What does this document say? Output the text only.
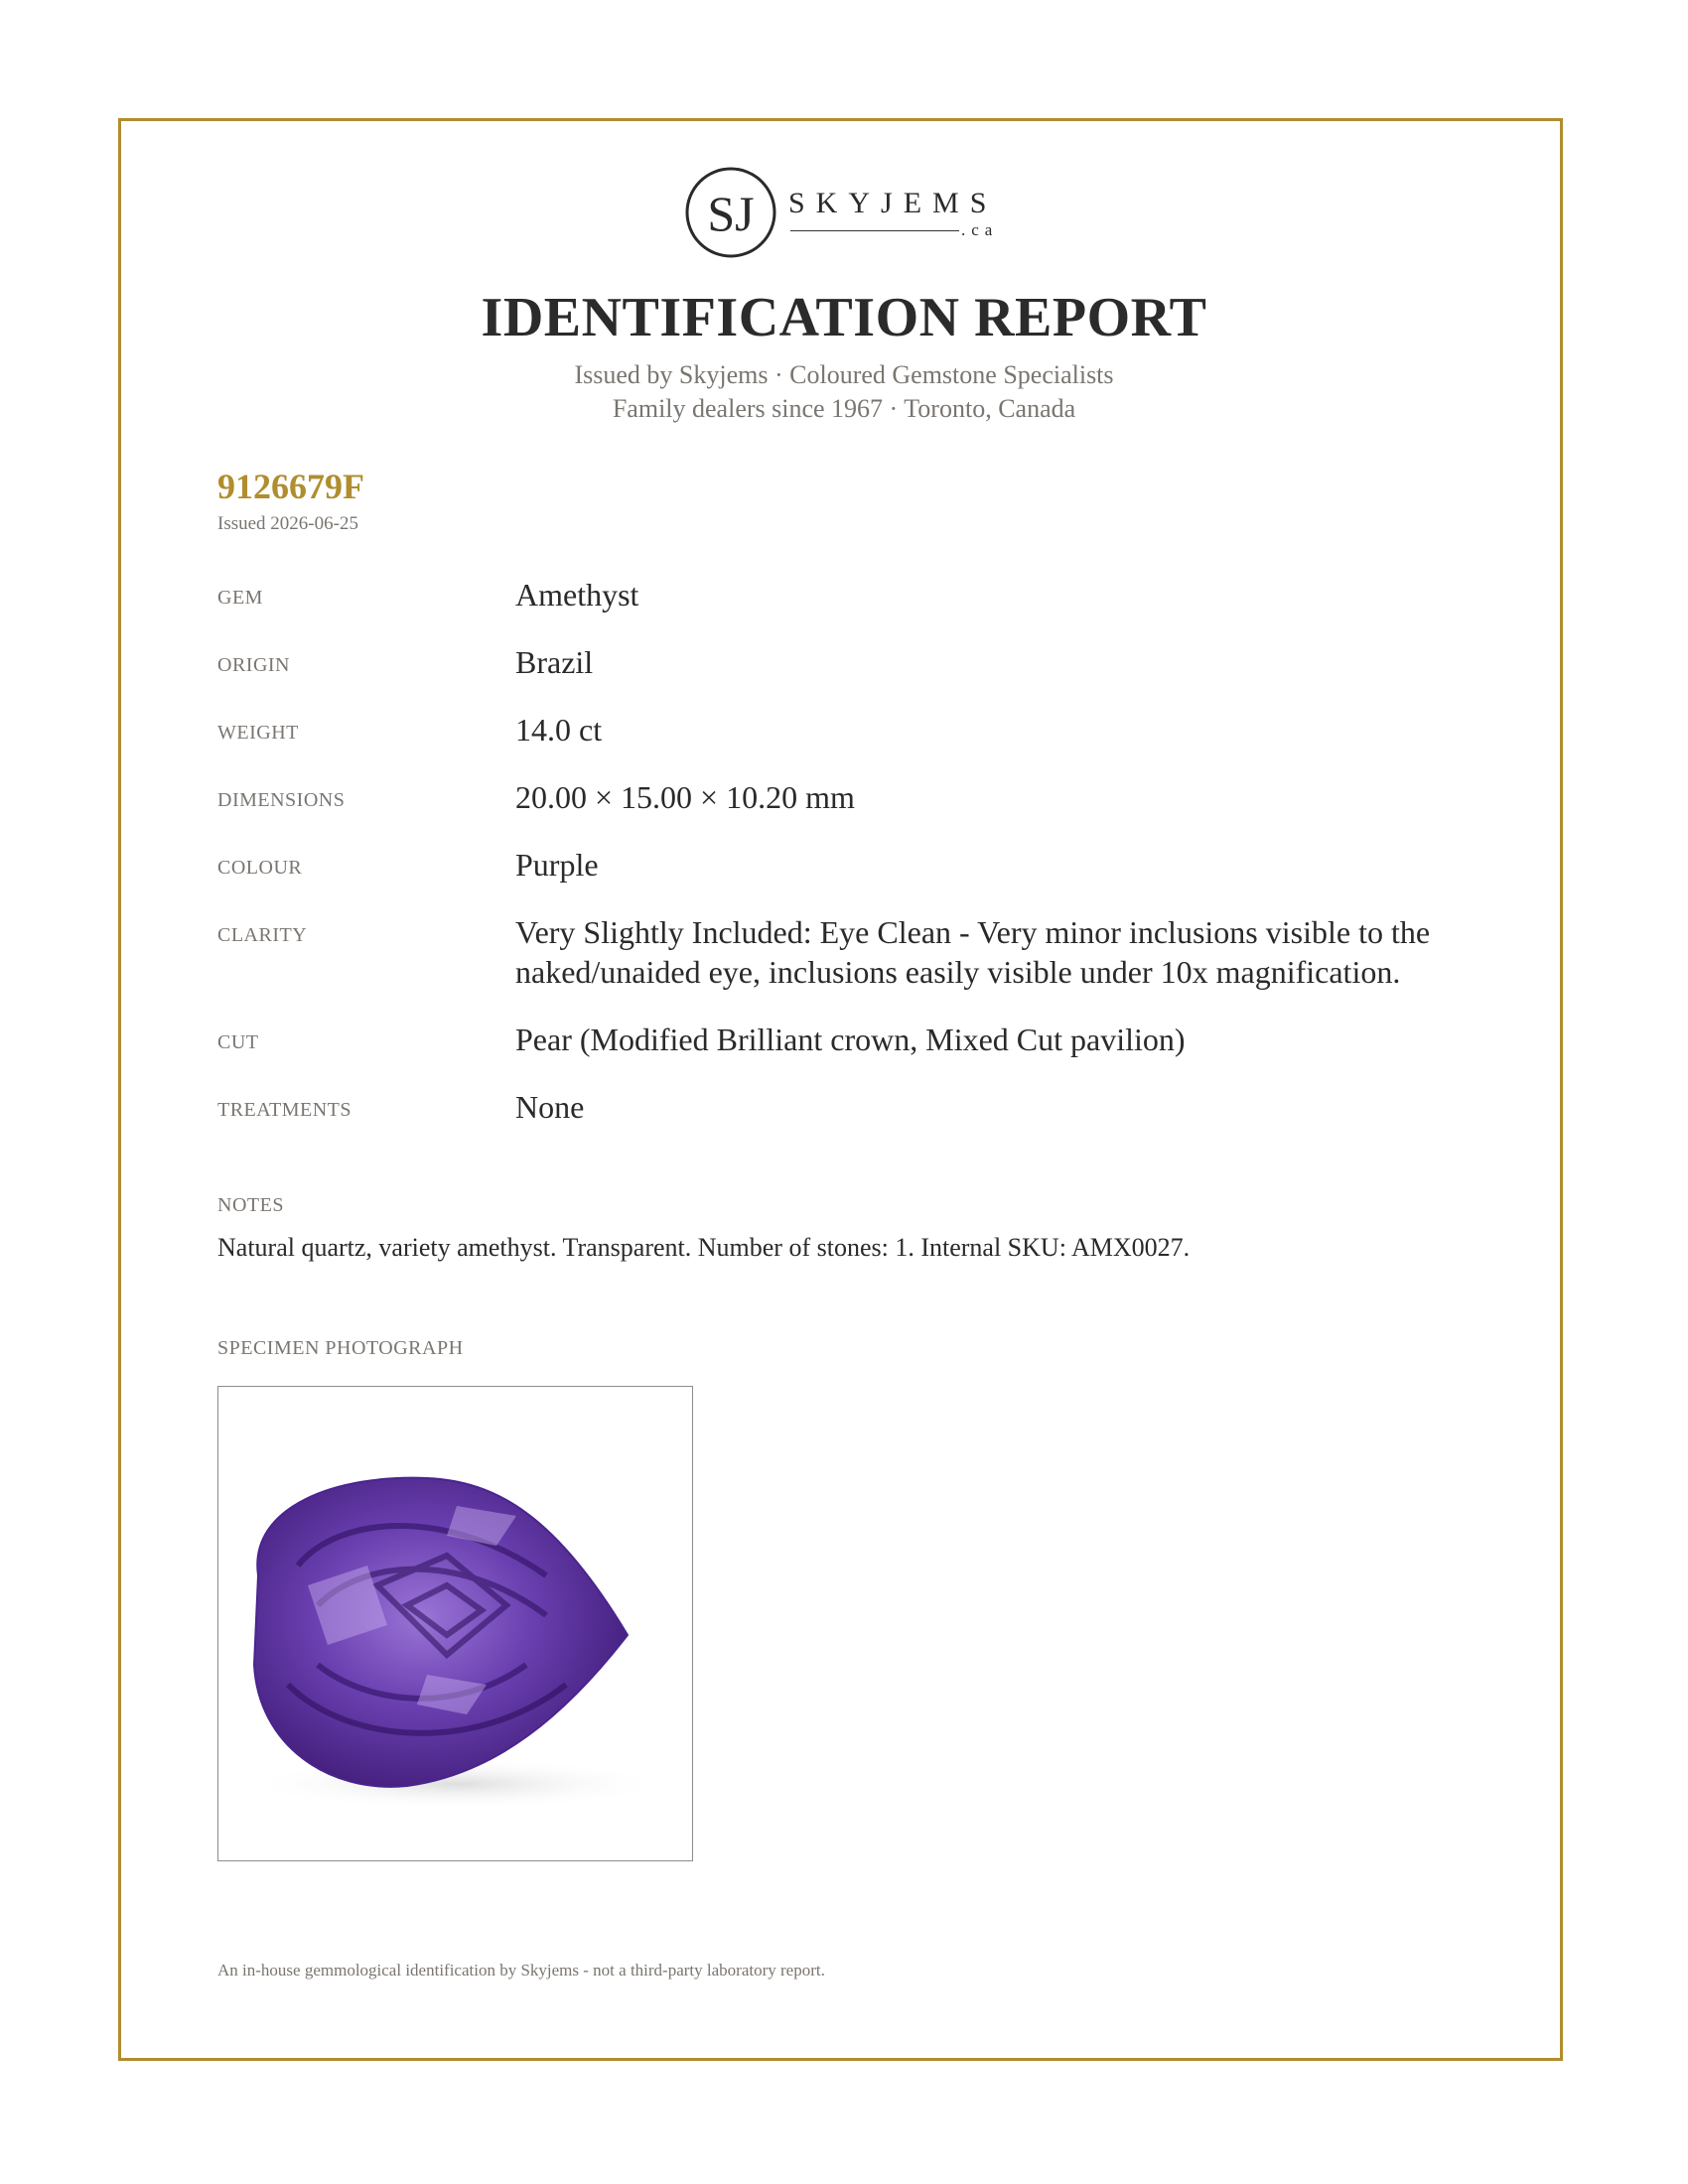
SJ SKYJEMS
.ca
IDENTIFICATION REPORT
Issued by Skyjems · Coloured Gemstone Specialists
Family dealers since 1967 · Toronto, Canada
9126679F
Issued 2026-06-25
GEM	Amethyst
ORIGIN	Brazil
WEIGHT	14.0 ct
DIMENSIONS	20.00 × 15.00 × 10.20 mm
COLOUR	Purple
CLARITY	Very Slightly Included: Eye Clean - Very minor inclusions visible to the naked/unaided eye, inclusions easily visible under 10x magnification.
CUT	Pear (Modified Brilliant crown, Mixed Cut pavilion)
TREATMENTS	None
NOTES
Natural quartz, variety amethyst. Transparent. Number of stones: 1. Internal SKU: AMX0027.
SPECIMEN PHOTOGRAPH
An in-house gemmological identification by Skyjems - not a third-party laboratory report.
